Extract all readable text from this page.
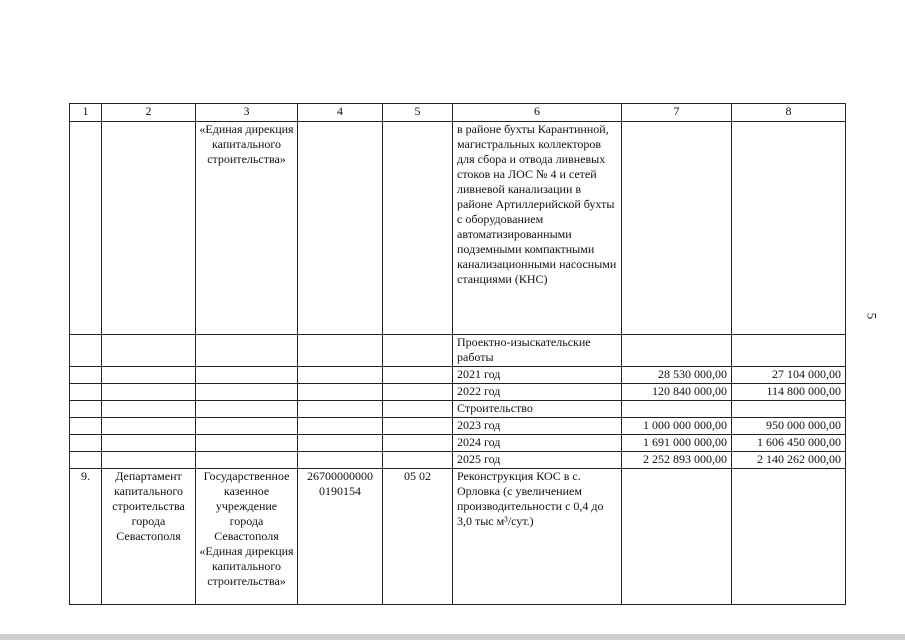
1	2	3	4	5	6	7	8
		«Единая дирекция капитального строительства»			в районе бухты Карантинной, магистральных коллекторов для сбора и отвода ливневых стоков на ЛОС № 4 и сетей ливневой канализации в районе Артиллерийской бухты с оборудованием автоматизированными подземными компактными канализационными насосными станциями (КНС)		
					Проектно-изыскательские работы		
					2021 год	28 530 000,00	27 104 000,00
					2022 год	120 840 000,00	114 800 000,00
					Строительство		
					2023 год	1 000 000 000,00	950 000 000,00
					2024 год	1 691 000 000,00	1 606 450 000,00
					2025 год	2 252 893 000,00	2 140 262 000,00
9.	Департамент капитального строительства города Севастополя	Государственное казенное учреждение города Севастополя «Единая дирекция капитального строительства»	26700000000 0190154	05 02	Реконструкция КОС в с. Орловка (с увеличением производительности с 0,4 до 3,0 тыс м³/сут.)		
5
